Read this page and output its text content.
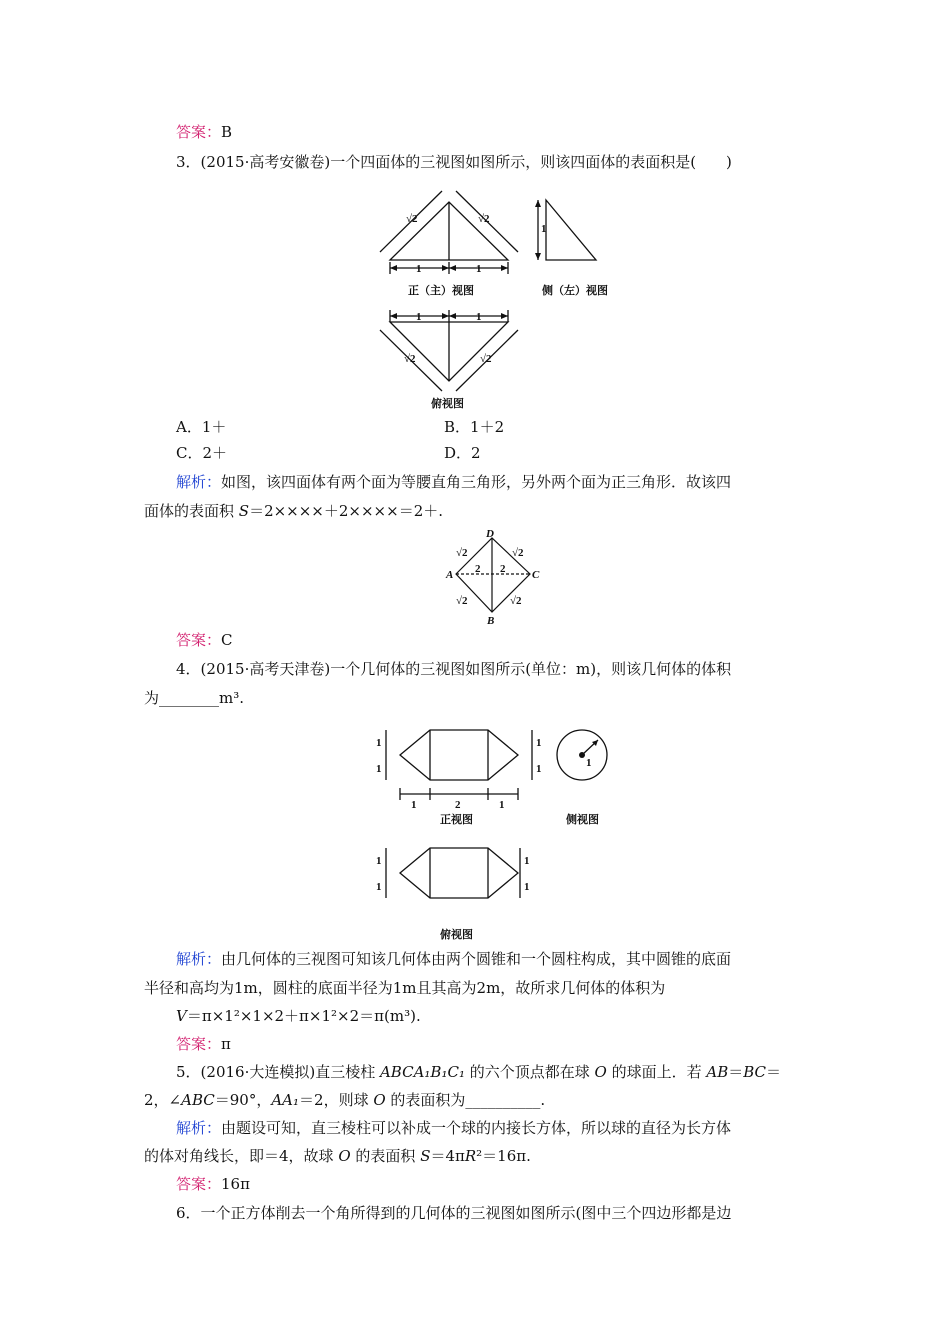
答案：B
3．(2015·高考安徽卷)一个四面体的三视图如图所示，则该四面体的表面积是(　　)
1	1
√2	√2
1
正（主）视图	侧（左）视图
1	1
√2	√2
俯视图
A．1＋	B．1＋2
C．2＋	D．2
解析：如图，该四面体有两个面为等腰直角三角形，另外两个面为正三角形．故该四
面体的表面积 S＝2××××＋2××××＝2＋.
D
B
A	C
2 2
√2	√2
√2	√2
答案：C
4．(2015·高考天津卷)一个几何体的三视图如图所示(单位：m)，则该几何体的体积
为________m³.
1
1
1
1
1	2	1
1
正视图	侧视图
1
1
1
1
俯视图
解析：由几何体的三视图可知该几何体由两个圆锥和一个圆柱构成，其中圆锥的底面
半径和高均为1m，圆柱的底面半径为1m且其高为2m，故所求几何体的体积为
V＝π×1²×1×2＋π×1²×2＝π(m³).
答案：π
5．(2016·大连模拟)直三棱柱 ABCA₁B₁C₁ 的六个顶点都在球 O 的球面上．若 AB＝BC＝
2，∠ABC＝90°，AA₁＝2，则球 O 的表面积为__________.
解析：由题设可知，直三棱柱可以补成一个球的内接长方体，所以球的直径为长方体
的体对角线长，即＝4，故球 O 的表面积 S＝4πR²＝16π.
答案：16π
6．一个正方体削去一个角所得到的几何体的三视图如图所示(图中三个四边形都是边
